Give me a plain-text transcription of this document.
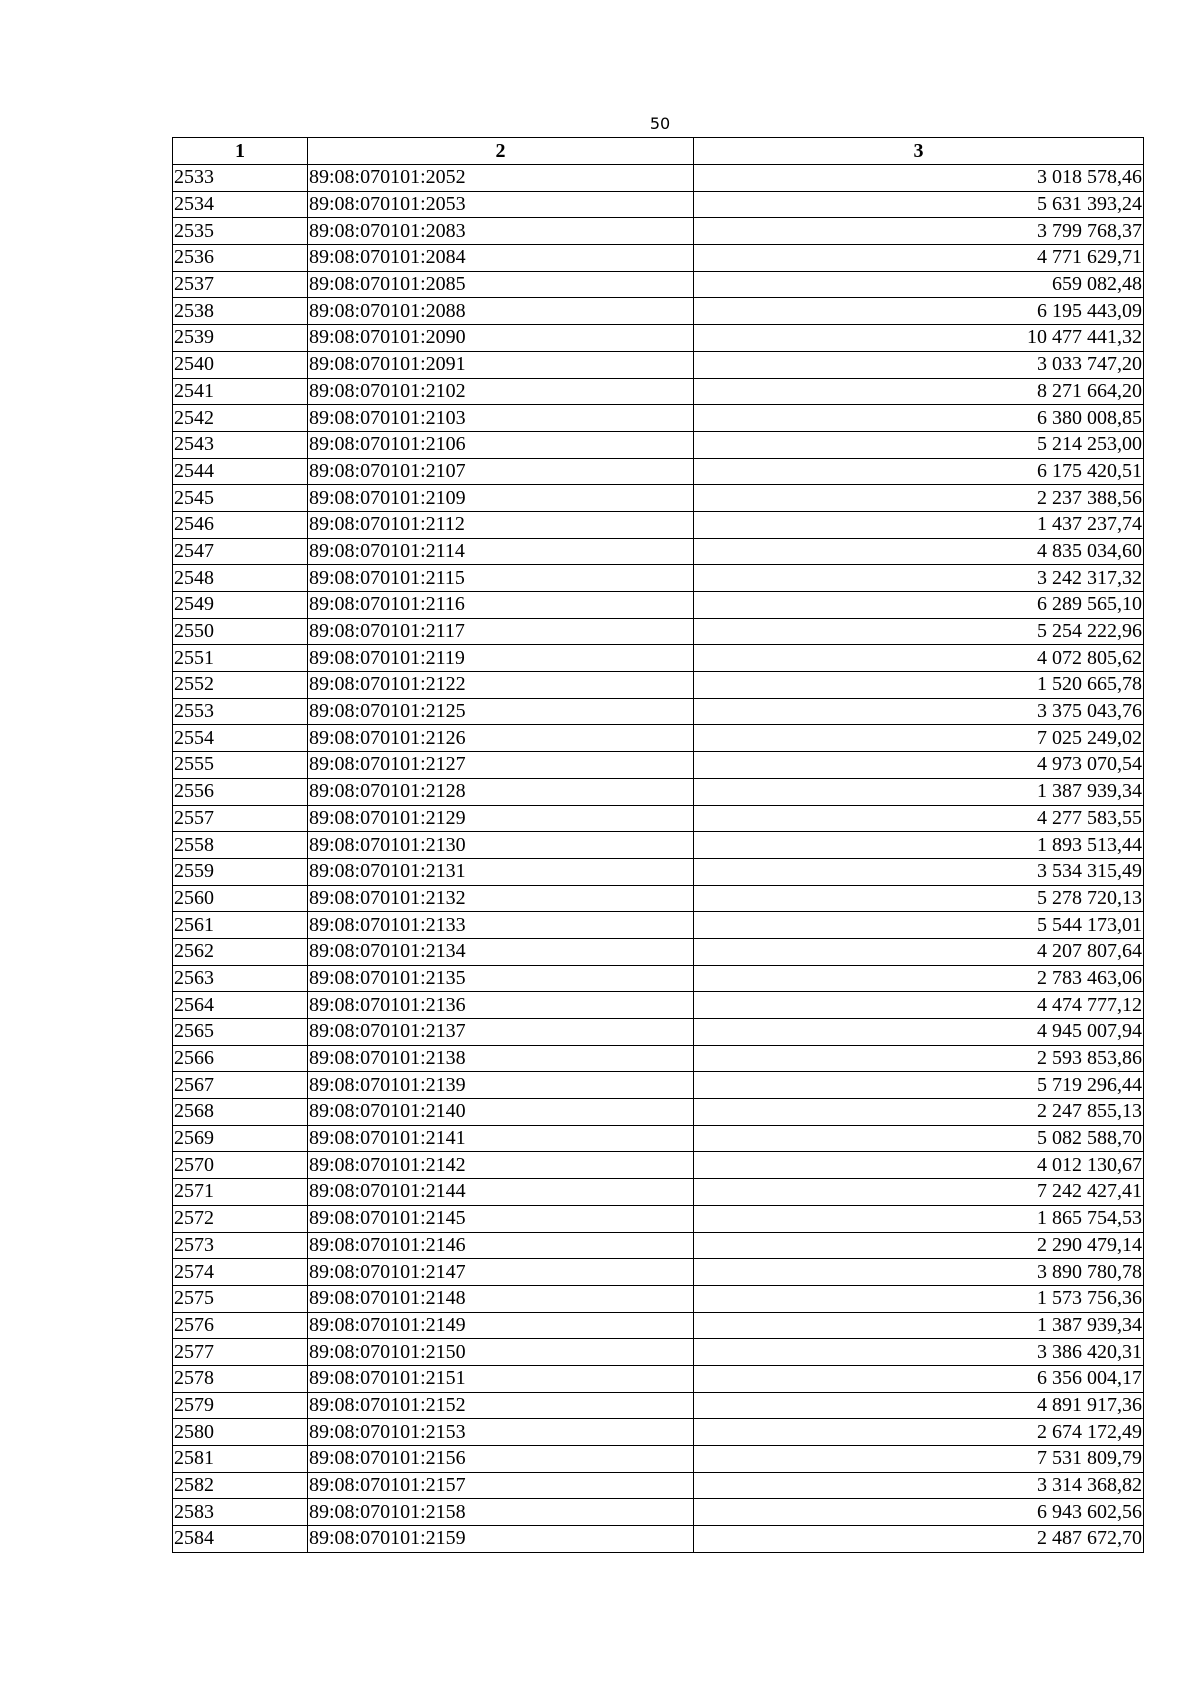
50
1	2	3
2533	89:08:070101:2052	3 018 578,46
2534	89:08:070101:2053	5 631 393,24
2535	89:08:070101:2083	3 799 768,37
2536	89:08:070101:2084	4 771 629,71
2537	89:08:070101:2085	659 082,48
2538	89:08:070101:2088	6 195 443,09
2539	89:08:070101:2090	10 477 441,32
2540	89:08:070101:2091	3 033 747,20
2541	89:08:070101:2102	8 271 664,20
2542	89:08:070101:2103	6 380 008,85
2543	89:08:070101:2106	5 214 253,00
2544	89:08:070101:2107	6 175 420,51
2545	89:08:070101:2109	2 237 388,56
2546	89:08:070101:2112	1 437 237,74
2547	89:08:070101:2114	4 835 034,60
2548	89:08:070101:2115	3 242 317,32
2549	89:08:070101:2116	6 289 565,10
2550	89:08:070101:2117	5 254 222,96
2551	89:08:070101:2119	4 072 805,62
2552	89:08:070101:2122	1 520 665,78
2553	89:08:070101:2125	3 375 043,76
2554	89:08:070101:2126	7 025 249,02
2555	89:08:070101:2127	4 973 070,54
2556	89:08:070101:2128	1 387 939,34
2557	89:08:070101:2129	4 277 583,55
2558	89:08:070101:2130	1 893 513,44
2559	89:08:070101:2131	3 534 315,49
2560	89:08:070101:2132	5 278 720,13
2561	89:08:070101:2133	5 544 173,01
2562	89:08:070101:2134	4 207 807,64
2563	89:08:070101:2135	2 783 463,06
2564	89:08:070101:2136	4 474 777,12
2565	89:08:070101:2137	4 945 007,94
2566	89:08:070101:2138	2 593 853,86
2567	89:08:070101:2139	5 719 296,44
2568	89:08:070101:2140	2 247 855,13
2569	89:08:070101:2141	5 082 588,70
2570	89:08:070101:2142	4 012 130,67
2571	89:08:070101:2144	7 242 427,41
2572	89:08:070101:2145	1 865 754,53
2573	89:08:070101:2146	2 290 479,14
2574	89:08:070101:2147	3 890 780,78
2575	89:08:070101:2148	1 573 756,36
2576	89:08:070101:2149	1 387 939,34
2577	89:08:070101:2150	3 386 420,31
2578	89:08:070101:2151	6 356 004,17
2579	89:08:070101:2152	4 891 917,36
2580	89:08:070101:2153	2 674 172,49
2581	89:08:070101:2156	7 531 809,79
2582	89:08:070101:2157	3 314 368,82
2583	89:08:070101:2158	6 943 602,56
2584	89:08:070101:2159	2 487 672,70
